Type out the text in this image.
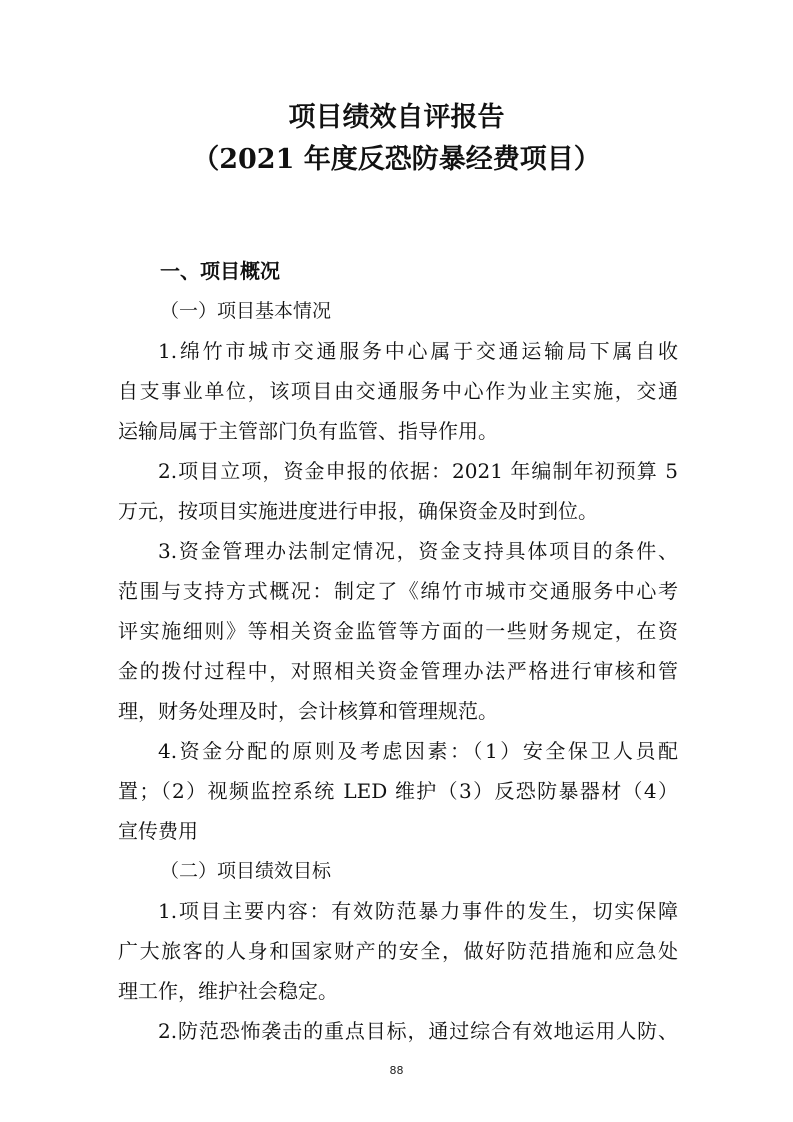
项目绩效自评报告
（2021 年度反恐防暴经费项目）
一、项目概况
（一）项目基本情况
1.绵竹市城市交通服务中心属于交通运输局下属自收
自支事业单位，该项目由交通服务中心作为业主实施，交通
运输局属于主管部门负有监管、指导作用。
2.项目立项，资金申报的依据：2021 年编制年初预算 5
万元，按项目实施进度进行申报，确保资金及时到位。
3.资金管理办法制定情况，资金支持具体项目的条件、
范围与支持方式概况：制定了《绵竹市城市交通服务中心考
评实施细则》等相关资金监管等方面的一些财务规定，在资
金的拨付过程中，对照相关资金管理办法严格进行审核和管
理，财务处理及时，会计核算和管理规范。
4.资金分配的原则及考虑因素：（1）安全保卫人员配
置；（2）视频监控系统 LED 维护（3）反恐防暴器材（4）
宣传费用
（二）项目绩效目标
1.项目主要内容：有效防范暴力事件的发生，切实保障
广大旅客的人身和国家财产的安全，做好防范措施和应急处
理工作，维护社会稳定。
2.防范恐怖袭击的重点目标，通过综合有效地运用人防、
88
